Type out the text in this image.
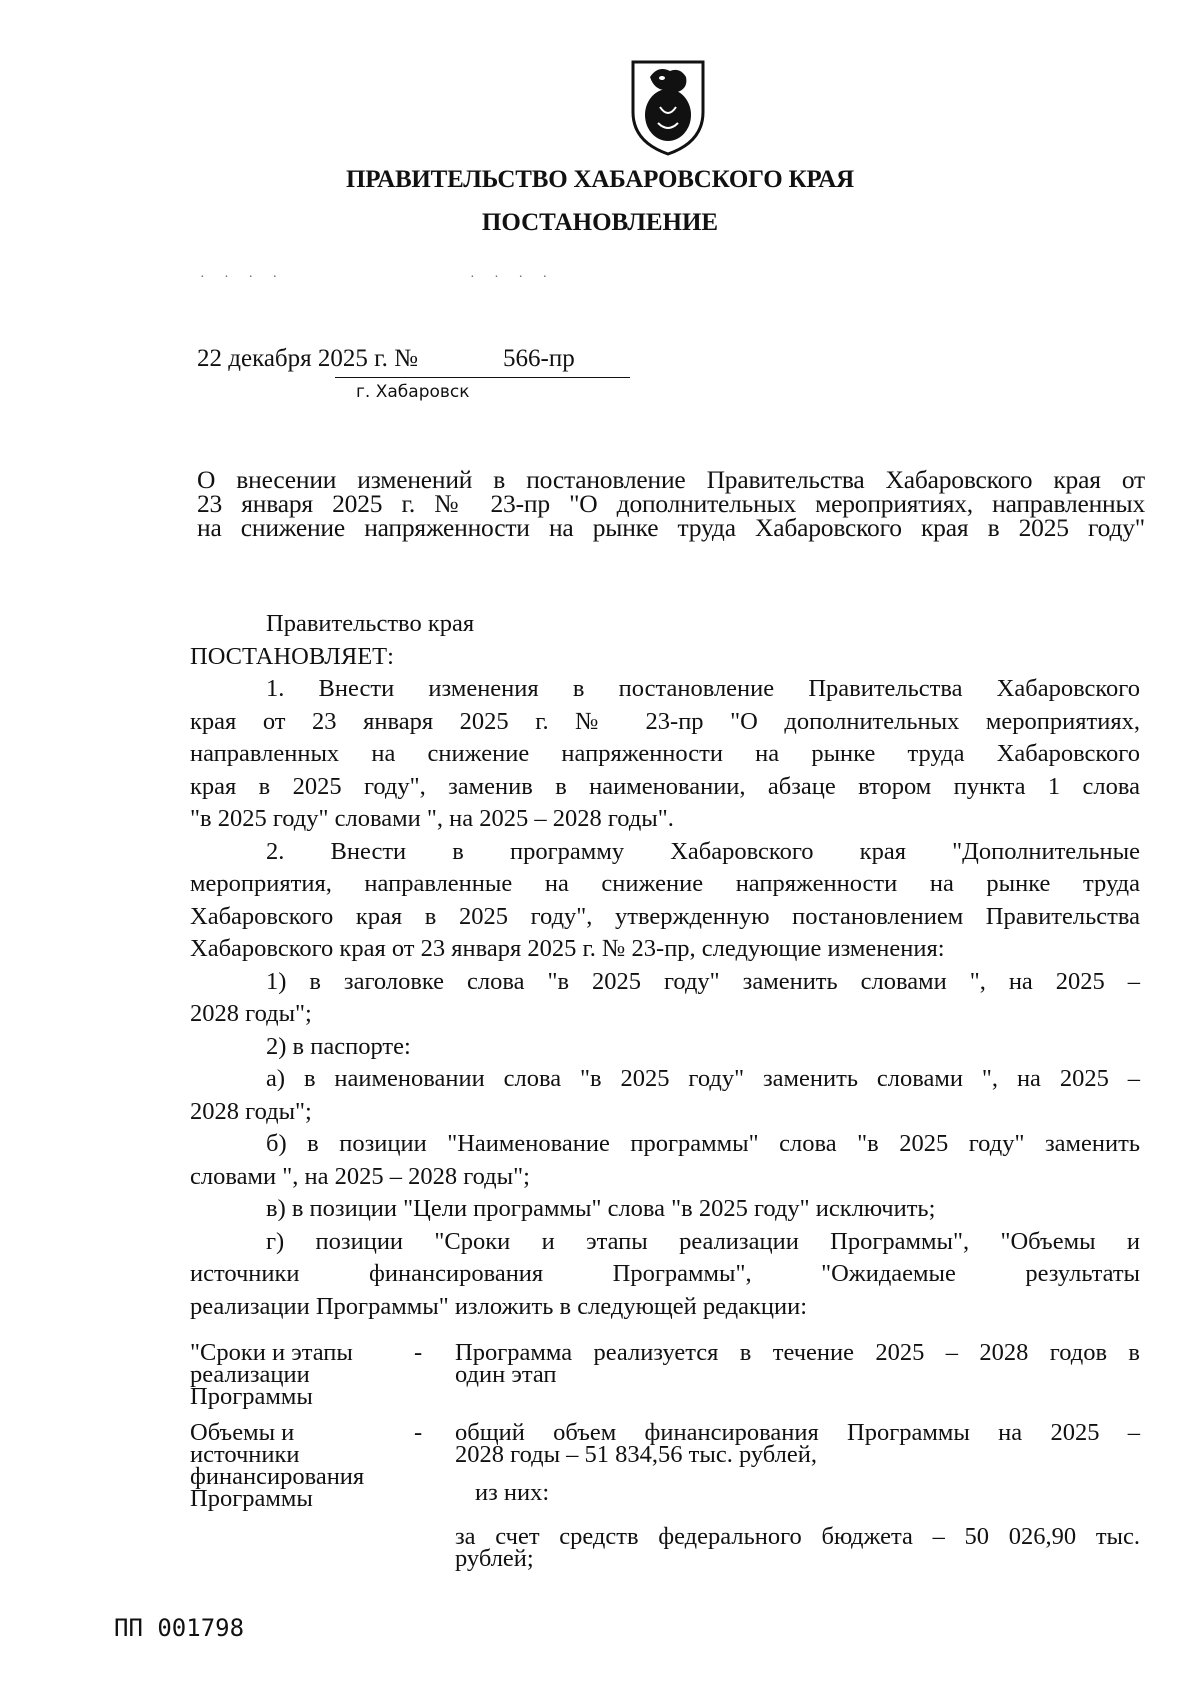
ПРАВИТЕЛЬСТВО ХАБАРОВСКОГО КРАЯ
ПОСТАНОВЛЕНИЕ
· · · ·	· · · ·
22 декабря 2025 г. №	566-пр
г. Хабаровск
О внесении изменений в постановление Правительства Хабаровского края от
23 января 2025 г. № 23-пр "О дополнительных мероприятиях, направленных
на снижение напряженности на рынке труда Хабаровского края в 2025 году"
Правительство края
ПОСТАНОВЛЯЕТ:
1. Внести изменения в постановление Правительства Хабаровского
края от 23 января 2025 г. № 23-пр "О дополнительных мероприятиях,
направленных на снижение напряженности на рынке труда Хабаровского
края в 2025 году", заменив в наименовании, абзаце втором пункта 1 слова
"в 2025 году" словами ", на 2025 – 2028 годы".
2. Внести в программу Хабаровского края "Дополнительные
мероприятия, направленные на снижение напряженности на рынке труда
Хабаровского края в 2025 году", утвержденную постановлением Правительства
Хабаровского края от 23 января 2025 г. № 23-пр, следующие изменения:
1) в заголовке слова "в 2025 году" заменить словами ", на 2025 –
2028 годы";
2) в паспорте:
а) в наименовании слова "в 2025 году" заменить словами ", на 2025 –
2028 годы";
б) в позиции "Наименование программы" слова "в 2025 году" заменить
словами ", на 2025 – 2028 годы";
в) в позиции "Цели программы" слова "в 2025 году" исключить;
г) позиции "Сроки и этапы реализации Программы", "Объемы и
источники финансирования Программы", "Ожидаемые результаты
реализации Программы" изложить в следующей редакции:
"Сроки и этапы
реализации
Программы
- Программа реализуется в течение 2025 – 2028 годов в
один этап
Объемы и
источники
финансирования
Программы
- общий объем финансирования Программы на 2025 –
2028 годы – 51 834,56 тыс. рублей,
из них:
за счет средств федерального бюджета – 50 026,90 тыс.
рублей;
ПП 001798
